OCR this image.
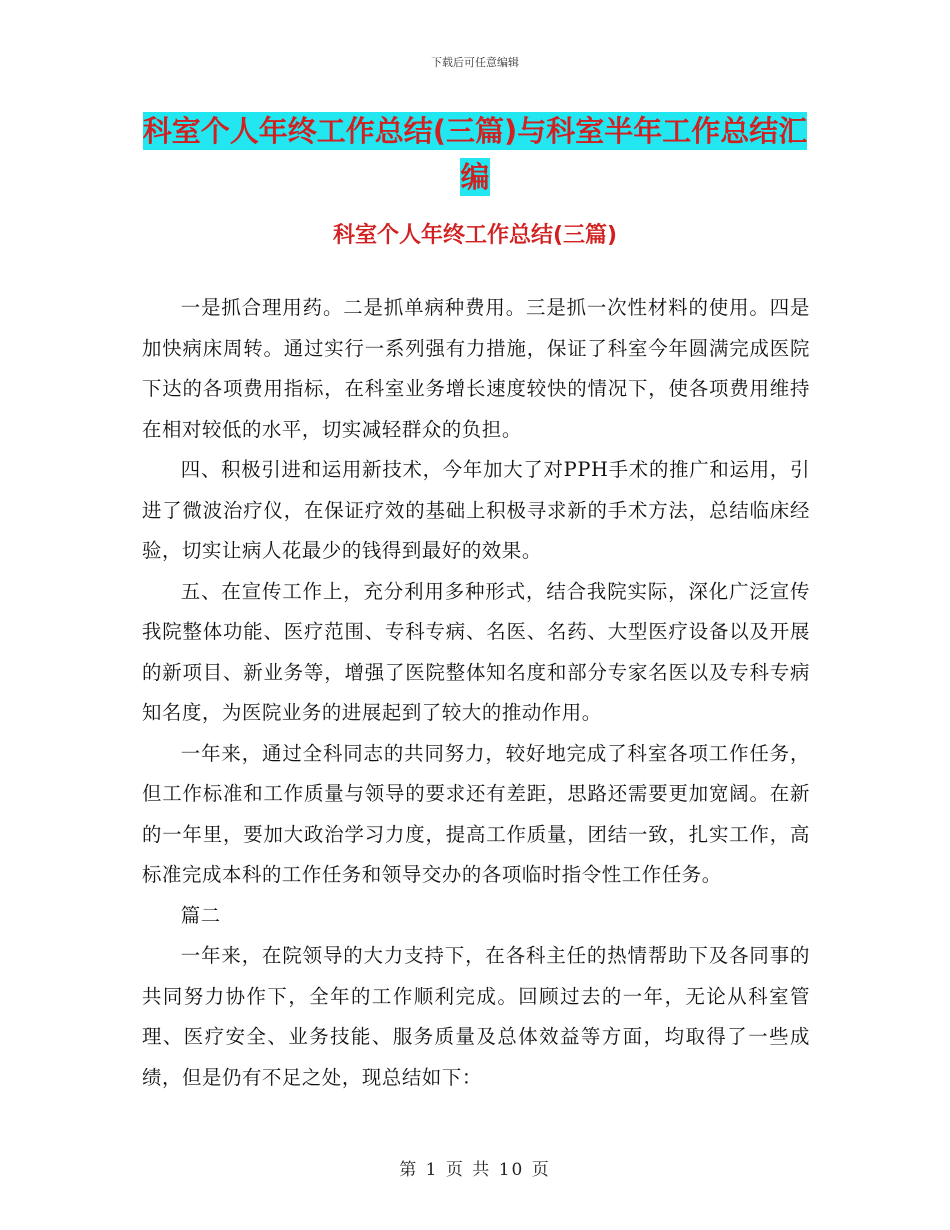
下载后可任意编辑
科室个人年终工作总结(三篇)与科室半年工作总结汇编
科室个人年终工作总结(三篇)

一是抓合理用药。二是抓单病种费用。三是抓一次性材料的使用。四是加快病床周转。通过实行一系列强有力措施，保证了科室今年圆满完成医院下达的各项费用指标，在科室业务增长速度较快的情况下，使各项费用维持在相对较低的水平，切实减轻群众的负担。

四、积极引进和运用新技术，今年加大了对PPH手术的推广和运用，引进了微波治疗仪，在保证疗效的基础上积极寻求新的手术方法，总结临床经验，切实让病人花最少的钱得到最好的效果。

五、在宣传工作上，充分利用多种形式，结合我院实际，深化广泛宣传我院整体功能、医疗范围、专科专病、名医、名药、大型医疗设备以及开展的新项目、新业务等，增强了医院整体知名度和部分专家名医以及专科专病知名度，为医院业务的进展起到了较大的推动作用。

一年来，通过全科同志的共同努力，较好地完成了科室各项工作任务，但工作标准和工作质量与领导的要求还有差距，思路还需要更加宽阔。在新的一年里，要加大政治学习力度，提高工作质量，团结一致，扎实工作，高标准完成本科的工作任务和领导交办的各项临时指令性工作任务。

篇二

一年来，在院领导的大力支持下，在各科主任的热情帮助下及各同事的共同努力协作下，全年的工作顺利完成。回顾过去的一年，无论从科室管理、医疗安全、业务技能、服务质量及总体效益等方面，均取得了一些成绩，但是仍有不足之处，现总结如下：

第 1 页 共 10 页
